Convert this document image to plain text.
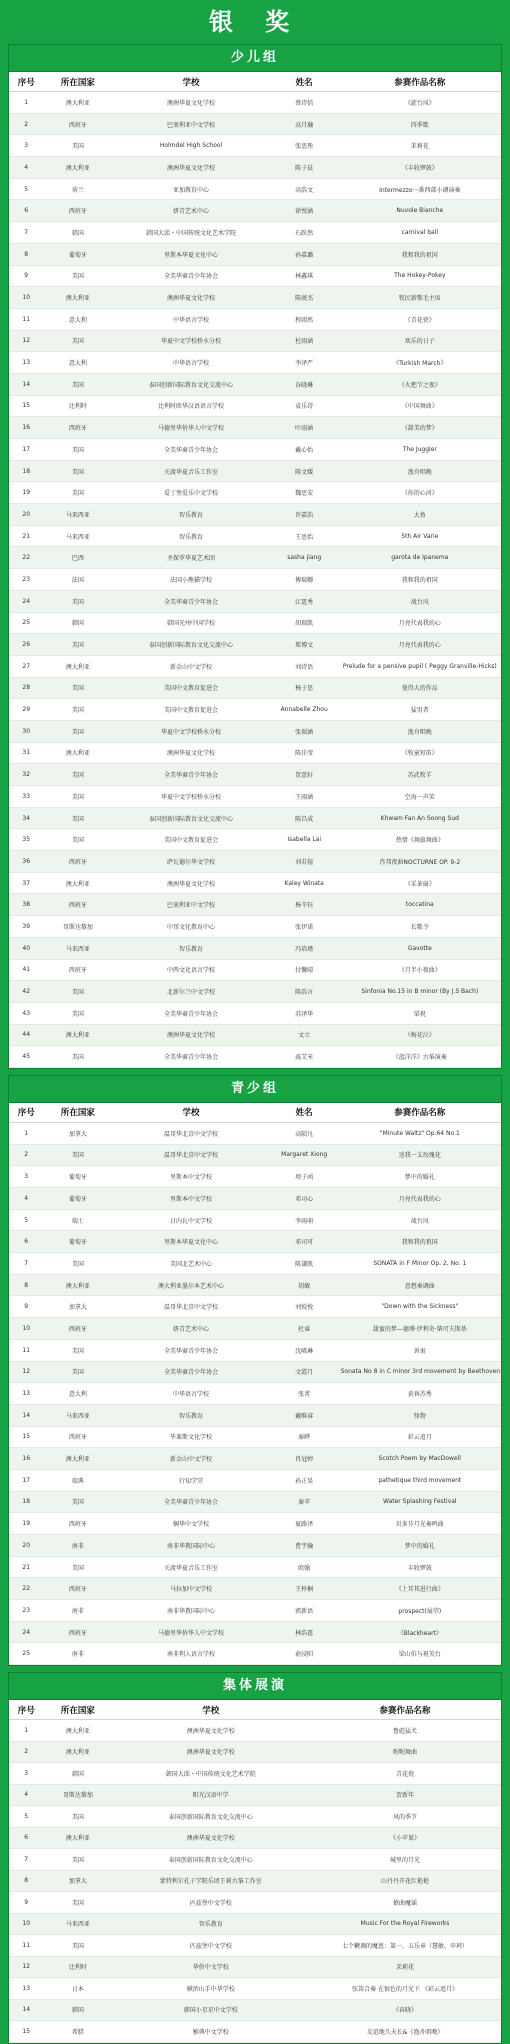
银 奖
少儿组
序号	所在国家	学校	姓名	参赛作品名称
1	澳大利亚	澳洲华夏文化学校	蔡诗恬	《旋台风》
2	西班牙	巴塞利亚中文学校	高月瀚	四季歌
3	美国	Holmdel High School	张思彤	茉莉花
4	澳大利亚	澳洲华夏文化学校	陈子晨	《丰收锣鼓》
5	荷兰	亚加教育中心	高浩文	Intermezzo一番西部小调演奏
6	西班牙	妍青艺术中心	徐悦涵	Nuvole Bianche
7	韩国	韩国大邱・中国传统文化艺术学院	石跃然	carnival ball
8	葡萄牙	里斯本华夏文化中心	孙嘉璐	我和我的祖国
9	美国	全美华裔青少年协会	林鑫琪	The Hokey-Pokey
10	澳大利亚	澳洲华夏文化学校	陈骏杰	牧民新歌毛主席
11	意大利	中华语言学校	程雨然	《青花瓷》
12	美国	华夏中文学校桥水分校	杜雨涵	欢乐的日子
13	意大利	中华语言学校	李泽严	《Turkish March》
14	美国	泰国创新国际教育文化交流中心	谷晓琳	《火把节之夜》
15	比利时	比利时欧华汉语语言学校	袁乐诗	《中国舞曲》
16	西班牙	马德里华侨华人中文学校	叶雨涵	《甜美的梦》
17	美国	全美华裔青少年协会	戴心怡	The Juggler
18	美国	关渡华夏音乐工作室	陈文媛	渔舟唱晚
19	美国	爱丁堡爱乐中文学校	魏思安	《你的心河》
20	马来西亚	智乐教育	许嘉浩	大鱼
21	马来西亚	智乐教育	王思怡	5th Air Varie
22	巴西	圣保罗华夏艺术团	sasha jiang	garota de Ipanema
23	法国	法国小熊猫学校	傅瑞卿	我和我的祖国
24	美国	全美华裔青少年协会	江霆秀	战台风
25	韩国	韩国光州中国学校	胡瑞凯	月亮代表我的心
26	美国	泰国创新国际教育文化交流中心	郑博文	月亮代表我的心
27	澳大利亚	新金山中文学校	刘诗语	Prelude for a pensive pupil ( Peggy Granville-Hicks)
28	美国	美国中文教育促进会	杨子思	曼得大的作品
29	美国	美国中文教育促进会	Annabelle Zhou	猛男者
30	美国	华夏中文学校桥水分校	张瑞涵	渔舟唱晚
31	澳大利亚	澳洲华夏文化学校	陈佳莹	《牧童短笛》
32	美国	全美华裔青少年协会	贺意轩	苏武牧羊
33	美国	华夏中文学校桥水分校	王雨涵	空海一声笑
34	美国	泰国创新国际教育文化交流中心	陈昌成	Khwam Fan An Soong Sud
35	美国	美国中文教育促进会	Isabella Lai	热情《舞旗舞曲》
36	西班牙	萨瓦德尔华文学校	刘若煊	肖邦夜曲NOCTURNE OP. 9-2
37	澳大利亚	澳洲华夏文化学校	Kaley Winata	《采茶扇》
38	西班牙	巴塞利亚中文学校	杨辛钰	toccatina
39	哥斯达黎加	中哥文化教育中心	张伊诺	长歌令
40	马来西亚	智乐教育	冯培瑾	Gavotte
41	西班牙	中西文化语言学校	付馨晴	《月半小夜曲》
42	美国	北新尔兰中文学校	陈浩言	Sinfonia No.15 in B minor (By J.S Bach)
43	美国	全美华裔青少年协会	苏泽华	梁祝
44	澳大利亚	澳洲华夏文化学校	文立	《梅花泣》
45	美国	全美华裔青少年协会	戚艾米	《蓝洋洋》古筝演奏
青少组
序号	所在国家	学校	姓名	参赛作品名称
1	加拿大	温哥华北京中文学校	高陨凡	"Minute Waltz" Op.64 No.1
2	美国	温哥华北京中文学校	Margaret Xiong	送我一支玫瑰花
3	葡萄牙	里斯本中文学校	周子函	梦中的婚礼
4	葡萄牙	里斯本中文学校	邓司心	月亮代表我的心
5	瑞士	日内瓦中文学校	李雨萌	战台风
6	葡萄牙	里斯本华夏文化中心	邓司可	我和我的祖国
7	美国	美国北艺术中心	陈谦凯	SONATA in F Minor Op. 2, No. 1
8	澳大利亚	澳大利亚墨尔本艺术中心	胡敏	意想奏调曲
9	加拿大	温哥华北京中文学校	刘锐悦	"Down with the Sickness"
10	西班牙	妍青艺术中心	杜睿	甜蜜的梦—德博·伊利奇·柴可夫斯基
11	美国	全美华裔青少年协会	沈晞琳	诉衷
12	美国	全美华裔青少年协会	文霞月	Sonata No 8 in C minor 3rd movement by Beethoven
13	意大利	中华语言学校	张菁	黄昏苏秀
14	马来西亚	智乐教育	戴唯睿	怪物
15	西班牙	毕莱斯文化学校	秦晔	彩云追月
16	澳大利亚	新金山中文学校	肖冠婷	Scotch Poem by MacDowell
17	瑞典	行知学堂	孙正昊	pathetique third movement
18	美国	全美华裔青少年协会	秦苹	Water Splashing Festival
19	西班牙	娴华中文学校	夏路泽	贝多芬月光奏鸣曲
20	南非	南非华教国际中心	曹宇瀚	梦中的婚礼
21	美国	关渡华夏音乐工作室	欧翰	丰收锣鼓
22	西班牙	马拉加中文学校	王梓桐	《土耳其进行曲》
23	南非	南非华教国际中心	郭新语	prospect(展望)
24	西班牙	马德里华侨华人中文学校	林浩霆	《Blackheart》
25	南非	南非利人语言学校	俞浸阳	梁山伯与祝英台
集体展演
序号	所在国家	学校	参赛作品名称
1	澳大利亚	澳洲华夏文化学校	鲁彪猛犬
2	澳大利亚	澳洲华夏文化学校	喔喔舞曲
3	韩国	韩国大邱・中国传统文化艺术学院	青花瓷
4	哥斯达黎加	阳光汉语中学	贺新年
5	美国	泰国创新国际教育文化交流中心	风的季节
6	澳大利亚	澳洲华夏文化学校	《小苹果》
7	美国	泰国创新国际教育文化交流中心	城里的月光
8	加拿大	蒙特利尔孔子学院乐团王莉古筝工作室	山丹丹开花红艳艳
9	美国	匹兹堡中文学校	撩曲魔谣
10	马来西亚	智乐教育	Music For the Royal Fireworks
11	美国	匹兹堡中文学校	七个鞭调的魔恩：第一，五乐章（慧敏、申珂）
12	比利时	华侨中文学校	茉莉花
13	日本	横滨山手中华学校	弦笛合奏 在银色的月光下 《彩云追月》
14	韩国	韩国小星星中文学校	《春晓》
15	希腊	雅典中文学校	友谊地久天长&《渔舟唱晚》
